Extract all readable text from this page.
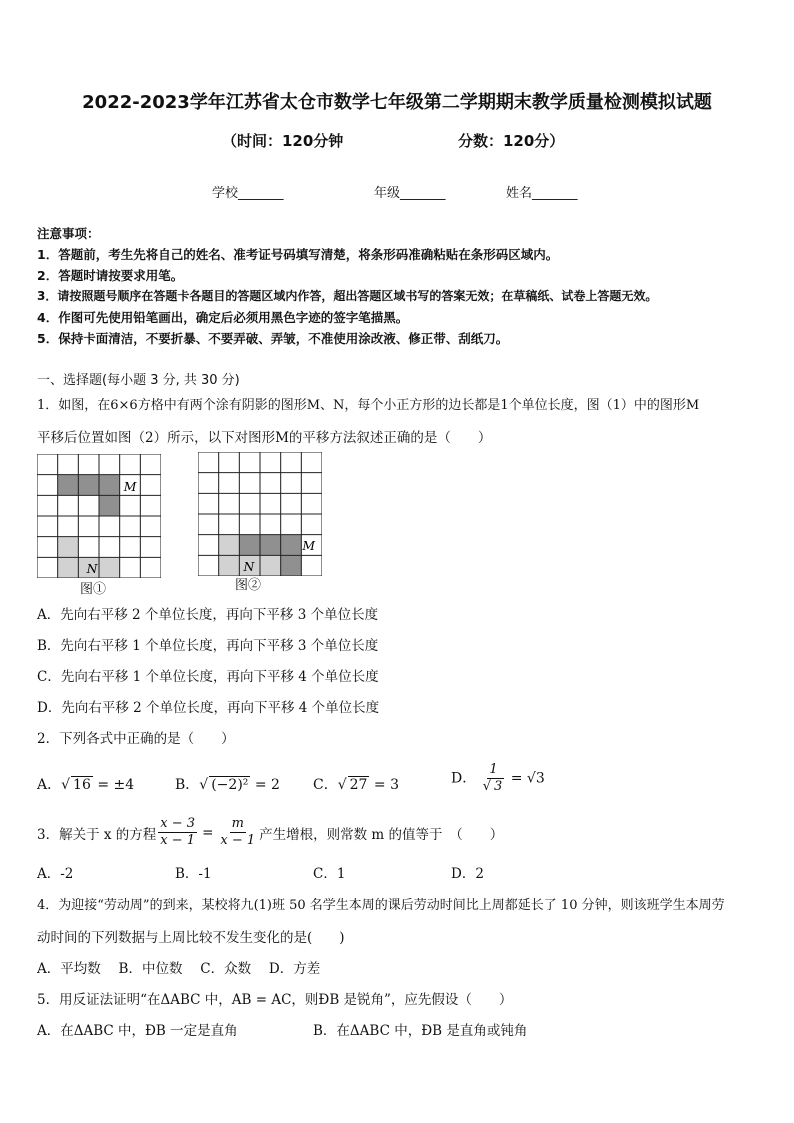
2022-2023学年江苏省太仓市数学七年级第二学期期末教学质量检测模拟试题
（时间：120分钟	分数：120分）
学校_______	年级_______	姓名_______
注意事项：
1．答题前，考生先将自己的姓名、准考证号码填写清楚，将条形码准确粘贴在条形码区域内。
2．答题时请按要求用笔。
3．请按照题号顺序在答题卡各题目的答题区域内作答，超出答题区域书写的答案无效；在草稿纸、试卷上答题无效。
4．作图可先使用铅笔画出，确定后必须用黑色字迹的签字笔描黑。
5．保持卡面清洁，不要折暴、不要弄破、弄皱，不准使用涂改液、修正带、刮纸刀。
一、选择题(每小题 3 分, 共 30 分)
1．如图，在6×6方格中有两个涂有阴影的图形M、N，每个小正方形的边长都是1个单位长度，图（1）中的图形M
平移后位置如图（2）所示，以下对图形M的平移方法叙述正确的是（　　）
M
N
图①
M
N
图②
A．先向右平移 2 个单位长度，再向下平移 3 个单位长度
B．先向右平移 1 个单位长度，再向下平移 3 个单位长度
C．先向右平移 1 个单位长度，再向下平移 4 个单位长度
D．先向右平移 2 个单位长度，再向下平移 4 个单位长度
2．下列各式中正确的是（　　）
A．√ 16 = ±4	B．√ (−2)² = 2 C．√ 27 = 3	D． $\frac{1}{√ 3} = √3$
3．解关于 x 的方程 $\frac{x - 3}{x - 1} = \frac{m}{x - 1}$ 产生增根，则常数 m 的值等于　（　　）
A．-2	B．-1	C．1	D．2
4．为迎接“劳动周”的到来，某校将九(1)班 50 名学生本周的课后劳动时间比上周都延长了 10 分钟，则该班学生本周劳
动时间的下列数据与上周比较不发生变化的是(　　)
A．平均数　 B．中位数　 C．众数　 D．方差
5．用反证法证明“在ΔABC 中，AB = AC，则ÐB 是锐角”，应先假设（　　）
A．在ΔABC 中，ÐB 一定是直角	B．在ΔABC 中，ÐB 是直角或钝角
